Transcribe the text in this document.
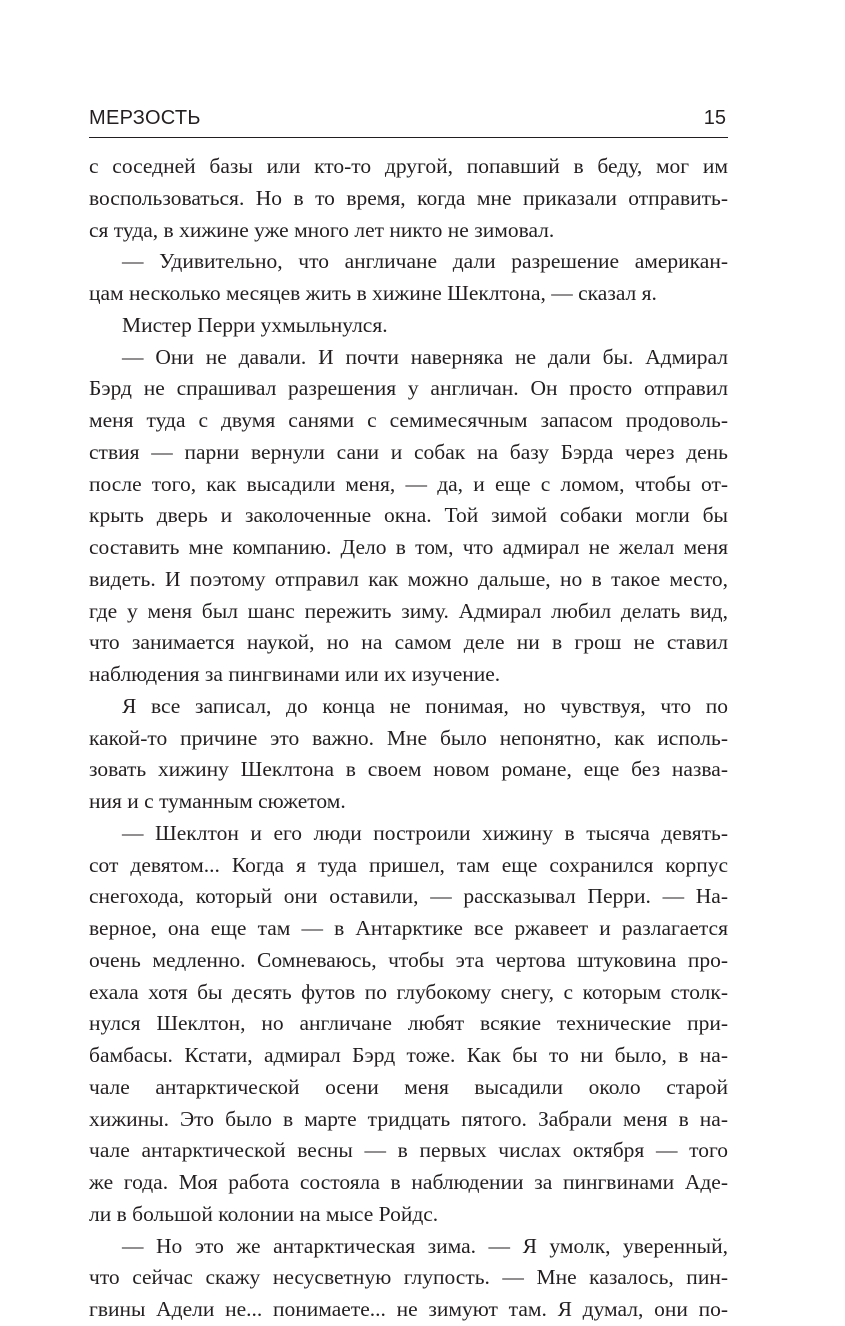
МЕРЗОСТЬ	15
с соседней базы или кто-то другой, попавший в беду, мог им
воспользоваться. Но в то время, когда мне приказали отправить-
ся туда, в хижине уже много лет никто не зимовал.
— Удивительно, что англичане дали разрешение американ-
цам несколько месяцев жить в хижине Шеклтона, — сказал я.
Мистер Перри ухмыльнулся.
— Они не давали. И почти наверняка не дали бы. Адмирал
Бэрд не спрашивал разрешения у англичан. Он просто отправил
меня туда с двумя санями с семимесячным запасом продоволь-
ствия — парни вернули сани и собак на базу Бэрда через день
после того, как высадили меня, — да, и еще с ломом, чтобы от-
крыть дверь и заколоченные окна. Той зимой собаки могли бы
составить мне компанию. Дело в том, что адмирал не желал меня
видеть. И поэтому отправил как можно дальше, но в такое место,
где у меня был шанс пережить зиму. Адмирал любил делать вид,
что занимается наукой, но на самом деле ни в грош не ставил
наблюдения за пингвинами или их изучение.
Я все записал, до конца не понимая, но чувствуя, что по
какой-то причине это важно. Мне было непонятно, как исполь-
зовать хижину Шеклтона в своем новом романе, еще без назва-
ния и с туманным сюжетом.
— Шеклтон и его люди построили хижину в тысяча девять-
сот девятом... Когда я туда пришел, там еще сохранился корпус
снегохода, который они оставили, — рассказывал Перри. — На-
верное, она еще там — в Антарктике все ржавеет и разлагается
очень медленно. Сомневаюсь, чтобы эта чертова штуковина про-
ехала хотя бы десять футов по глубокому снегу, с которым столк-
нулся Шеклтон, но англичане любят всякие технические при-
бамбасы. Кстати, адмирал Бэрд тоже. Как бы то ни было, в на-
чале антарктической осени меня высадили около старой
хижины. Это было в марте тридцать пятого. Забрали меня в на-
чале антарктической весны — в первых числах октября — того
же года. Моя работа состояла в наблюдении за пингвинами Аде-
ли в большой колонии на мысе Ройдс.
— Но это же антарктическая зима. — Я умолк, уверенный,
что сейчас скажу несусветную глупость. — Мне казалось, пин-
гвины Адели не... понимаете... не зимуют там. Я думал, они по-
